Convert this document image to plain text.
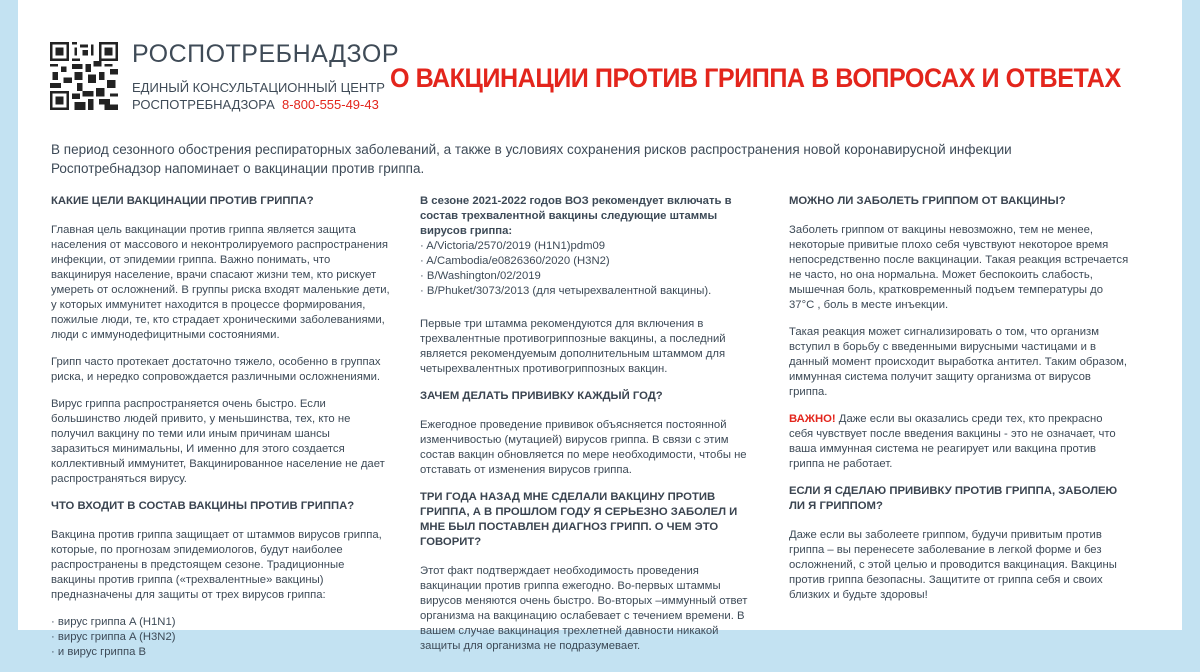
РОСПОТРЕБНАДЗОР
ЕДИНЫЙ КОНСУЛЬТАЦИОННЫЙ ЦЕНТР
РОСПОТРЕБНАДЗОРА 8-800-555-49-43
О ВАКЦИНАЦИИ ПРОТИВ ГРИППА В ВОПРОСАХ И ОТВЕТАХ
В период сезонного обострения респираторных заболеваний, а также в условиях сохранения рисков распространения новой коронавирусной инфекции Роспотребнадзор напоминает о вакцинации против гриппа.
КАКИЕ ЦЕЛИ ВАКЦИНАЦИИ ПРОТИВ ГРИППА?
Главная цель вакцинации против гриппа является защита населения от массового и неконтролируемого распространения инфекции, от эпидемии гриппа. Важно понимать, что вакцинируя население, врачи спасают жизни тем, кто рискует умереть от осложнений. В группы риска входят маленькие дети, у которых иммунитет находится в процессе формирования, пожилые люди, те, кто страдает хроническими заболеваниями, люди с иммунодефицитными состояниями.
Грипп часто протекает достаточно тяжело, особенно в группах риска, и нередко сопровождается различными осложнениями.
Вирус гриппа распространяется очень быстро. Если большинство людей привито, у меньшинства, тех, кто не получил вакцину по теми или иным причинам шансы заразиться минимальны, И именно для этого создается коллективный иммунитет, Вакцинированное население не дает распространяться вирусу.
ЧТО ВХОДИТ В СОСТАВ ВАКЦИНЫ ПРОТИВ ГРИППА?
Вакцина против гриппа защищает от штаммов вирусов гриппа, которые, по прогнозам эпидемиологов, будут наиболее распространены в предстоящем сезоне. Традиционные вакцины против гриппа («трехвалентные» вакцины) предназначены для защиты от трех вирусов гриппа:
· вирус гриппа A (H1N1)
· вирус гриппа A (H3N2)
· и вирус гриппа B
В сезоне 2021-2022 годов ВОЗ рекомендует включать в состав трехвалентной вакцины следующие штаммы вирусов гриппа:
· A/Victoria/2570/2019 (H1N1)pdm09
· A/Cambodia/e0826360/2020 (H3N2)
· B/Washington/02/2019
· B/Phuket/3073/2013 (для четырехвалентной вакцины).
Первые три штамма рекомендуются для включения в трехвалентные противогриппозные вакцины, а последний является рекомендуемым дополнительным штаммом для четырехвалентных противогриппозных вакцин.
ЗАЧЕМ ДЕЛАТЬ ПРИВИВКУ КАЖДЫЙ ГОД?
Ежегодное проведение прививок объясняется постоянной изменчивостью (мутацией) вирусов гриппа. В связи с этим состав вакцин обновляется по мере необходимости, чтобы не отставать от изменения вирусов гриппа.
ТРИ ГОДА НАЗАД МНЕ СДЕЛАЛИ ВАКЦИНУ ПРОТИВ ГРИППА, А В ПРОШЛОМ ГОДУ Я СЕРЬЕЗНО ЗАБОЛЕЛ И МНЕ БЫЛ ПОСТАВЛЕН ДИАГНОЗ ГРИПП. О ЧЕМ ЭТО ГОВОРИТ?
Этот факт подтверждает необходимость проведения вакцинации против гриппа ежегодно. Во-первых штаммы вирусов меняются очень быстро. Во-вторых –иммунный ответ организма на вакцинацию ослабевает с течением времени. В вашем случае вакцинация трехлетней давности никакой защиты для организма не подразумевает.
МОЖНО ЛИ ЗАБОЛЕТЬ ГРИППОМ ОТ ВАКЦИНЫ?
Заболеть гриппом от вакцины невозможно, тем не менее, некоторые привитые плохо себя чувствуют некоторое время непосредственно после вакцинации. Такая реакция встречается не часто, но она нормальна. Может беспокоить слабость, мышечная боль, кратковременный подъем температуры до 37°С , боль в месте инъекции.
Такая реакция может сигнализировать о том, что организм вступил в борьбу с введенными вирусными частицами и в данный момент происходит выработка антител. Таким образом, иммунная система получит защиту организма от вирусов гриппа.
ВАЖНО! Даже если вы оказались среди тех, кто прекрасно себя чувствует после введения вакцины - это не означает, что ваша иммунная система не реагирует или вакцина против гриппа не работает.
ЕСЛИ Я СДЕЛАЮ ПРИВИВКУ ПРОТИВ ГРИППА, ЗАБОЛЕЮ ЛИ Я ГРИППОМ?
Даже если вы заболеете гриппом, будучи привитым против гриппа – вы перенесете заболевание в легкой форме и без осложнений, с этой целью и проводится вакцинация. Вакцины против гриппа безопасны. Защитите от гриппа себя и своих близких и будьте здоровы!
